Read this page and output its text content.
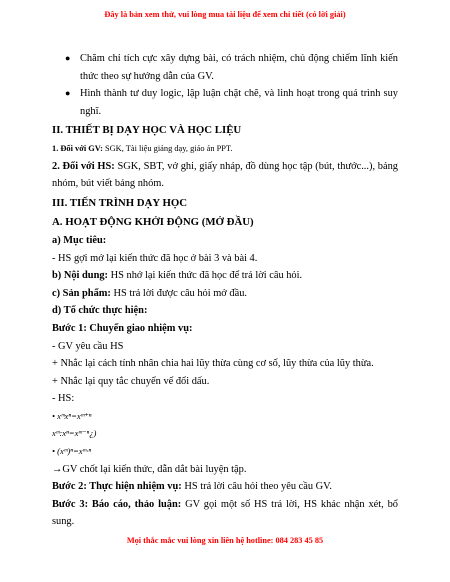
Đây là bản xem thử, vui lòng mua tài liệu để xem chi tiết (có lời giải)
● Chăm chỉ tích cực xây dựng bài, có trách nhiệm, chủ động chiếm lĩnh kiến thức theo sự hướng dẫn của GV.
● Hình thành tư duy logic, lập luận chặt chẽ, và linh hoạt trong quá trình suy nghĩ.
II. THIẾT BỊ DẠY HỌC VÀ HỌC LIỆU

1. Đối với GV: SGK, Tài liệu giảng dạy, giáo án PPT.

2. Đối với HS: SGK, SBT, vở ghi, giấy nháp, đồ dùng học tập (bút, thước...), bảng nhóm, bút viết bảng nhóm.

III. TIẾN TRÌNH DẠY HỌC
A. HOẠT ĐỘNG KHỞI ĐỘNG (MỞ ĐẦU)

a) Mục tiêu:

- HS gợi mở lại kiến thức đã học ở bài 3 và bài 4.

b) Nội dung: HS nhớ lại kiến thức đã học để trả lời câu hỏi.

c) Sản phẩm: HS trả lời được câu hỏi mở đầu.

d) Tổ chức thực hiện:

Bước 1: Chuyển giao nhiệm vụ:

- GV yêu cầu HS

+ Nhắc lại cách tính nhân chia hai lũy thừa cùng cơ số, lũy thừa của lũy thừa.

+ Nhắc lại quy tắc chuyển vế đổi dấu.

- HS:

• xᵐxⁿ=xᵐ⁺ⁿ

xᵐ:xⁿ=xᵐ⁻ⁿ¿)

• (xᵐ)ⁿ=xᵐ·ⁿ

→GV chốt lại kiến thức, dẫn dắt bài luyện tập.

Bước 2: Thực hiện nhiệm vụ: HS trả lời câu hỏi theo yêu cầu GV.

Bước 3: Báo cáo, thảo luận: GV gọi một số HS trả lời, HS khác nhận xét, bổ sung.

Mọi thắc mắc vui lòng xin liên hệ hotline: 084 283 45 85
